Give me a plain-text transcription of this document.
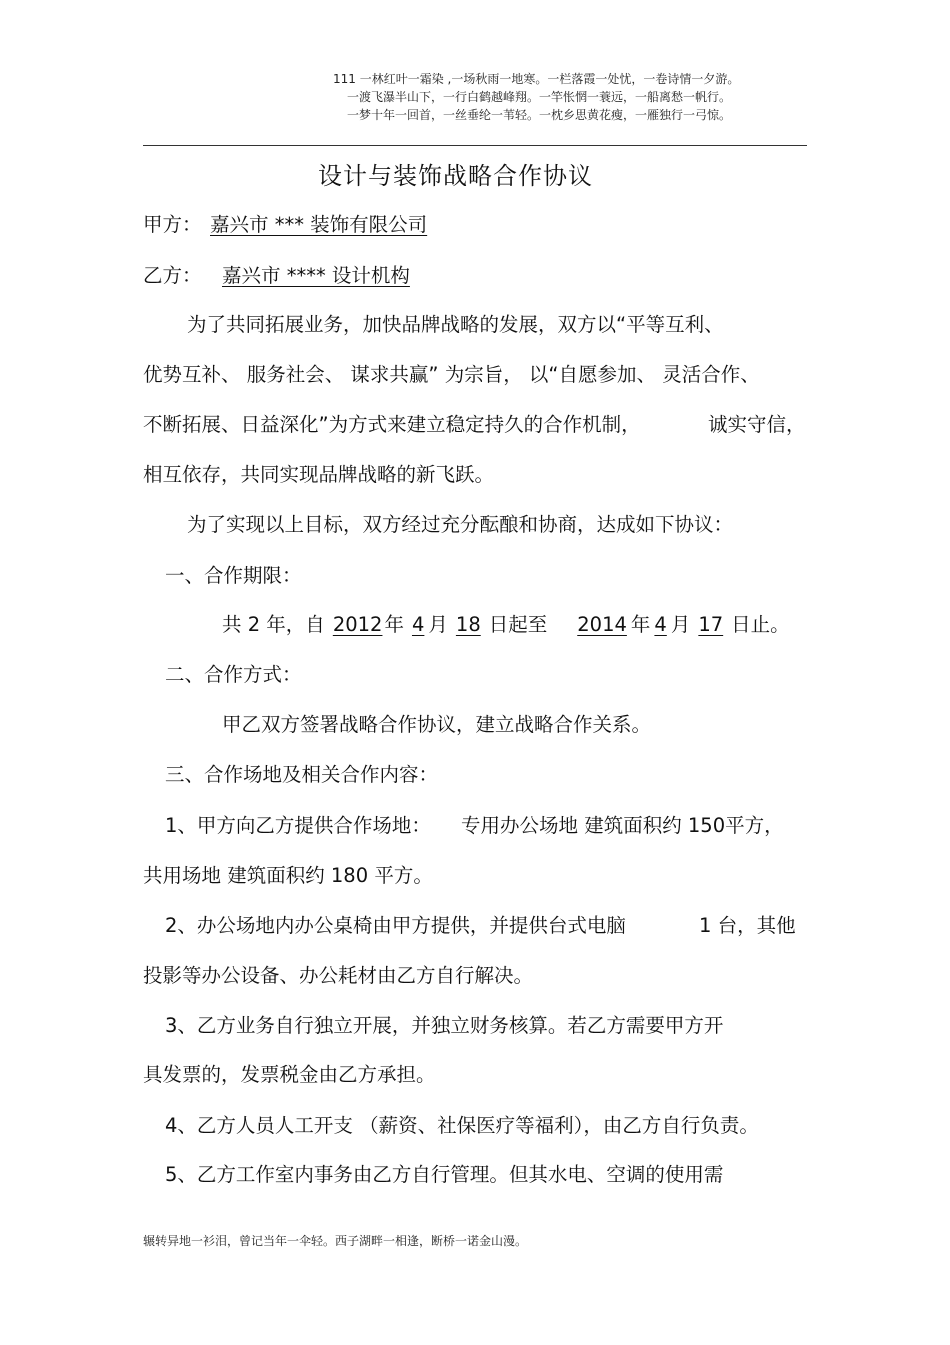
111 一林红叶一霜染 ,一场秋雨一地寒。一栏落霞一处忧，一卷诗情一夕游。
一渡飞瀑半山下，一行白鹤越峰翔。一竿怅惘一蓑远，一船离愁一帆行。
一梦十年一回首，一丝垂纶一苇轻。一枕乡思黄花瘦，一雁独行一弓惊。
设计与装饰战略合作协议
甲方： 嘉兴市 *** 装饰有限公司
乙方： 嘉兴市 **** 设计机构
为了共同拓展业务，加快品牌战略的发展，双方以“平等互利、
优势互补、 服务社会、 谋求共赢” 为宗旨， 以“自愿参加、 灵活合作、
不断拓展、日益深化”为方式来建立稳定持久的合作机制，	诚实守信，
相互依存，共同实现品牌战略的新飞跃。
为了实现以上目标，双方经过充分酝酿和协商，达成如下协议：
一、合作期限：
共 2 年，自 2012 年 4 月 18 日起至 2014 年 4 月 17 日止。
二、合作方式：
甲乙双方签署战略合作协议，建立战略合作关系。
三、合作场地及相关合作内容：
1、甲方向乙方提供合作场地： 专用办公场地 建筑面积约 150平方，
共用场地 建筑面积约 180 平方。
2、办公场地内办公桌椅由甲方提供，并提供台式电脑	1 台，其他
投影等办公设备、办公耗材由乙方自行解决。
3、乙方业务自行独立开展，并独立财务核算。若乙方需要甲方开
具发票的，发票税金由乙方承担。
4、乙方人员人工开支 （薪资、社保医疗等福利），由乙方自行负责。
5、乙方工作室内事务由乙方自行管理。但其水电、空调的使用需
辗转异地一衫泪，曾记当年一伞轻。西子湖畔一相逢，断桥一诺金山漫。
